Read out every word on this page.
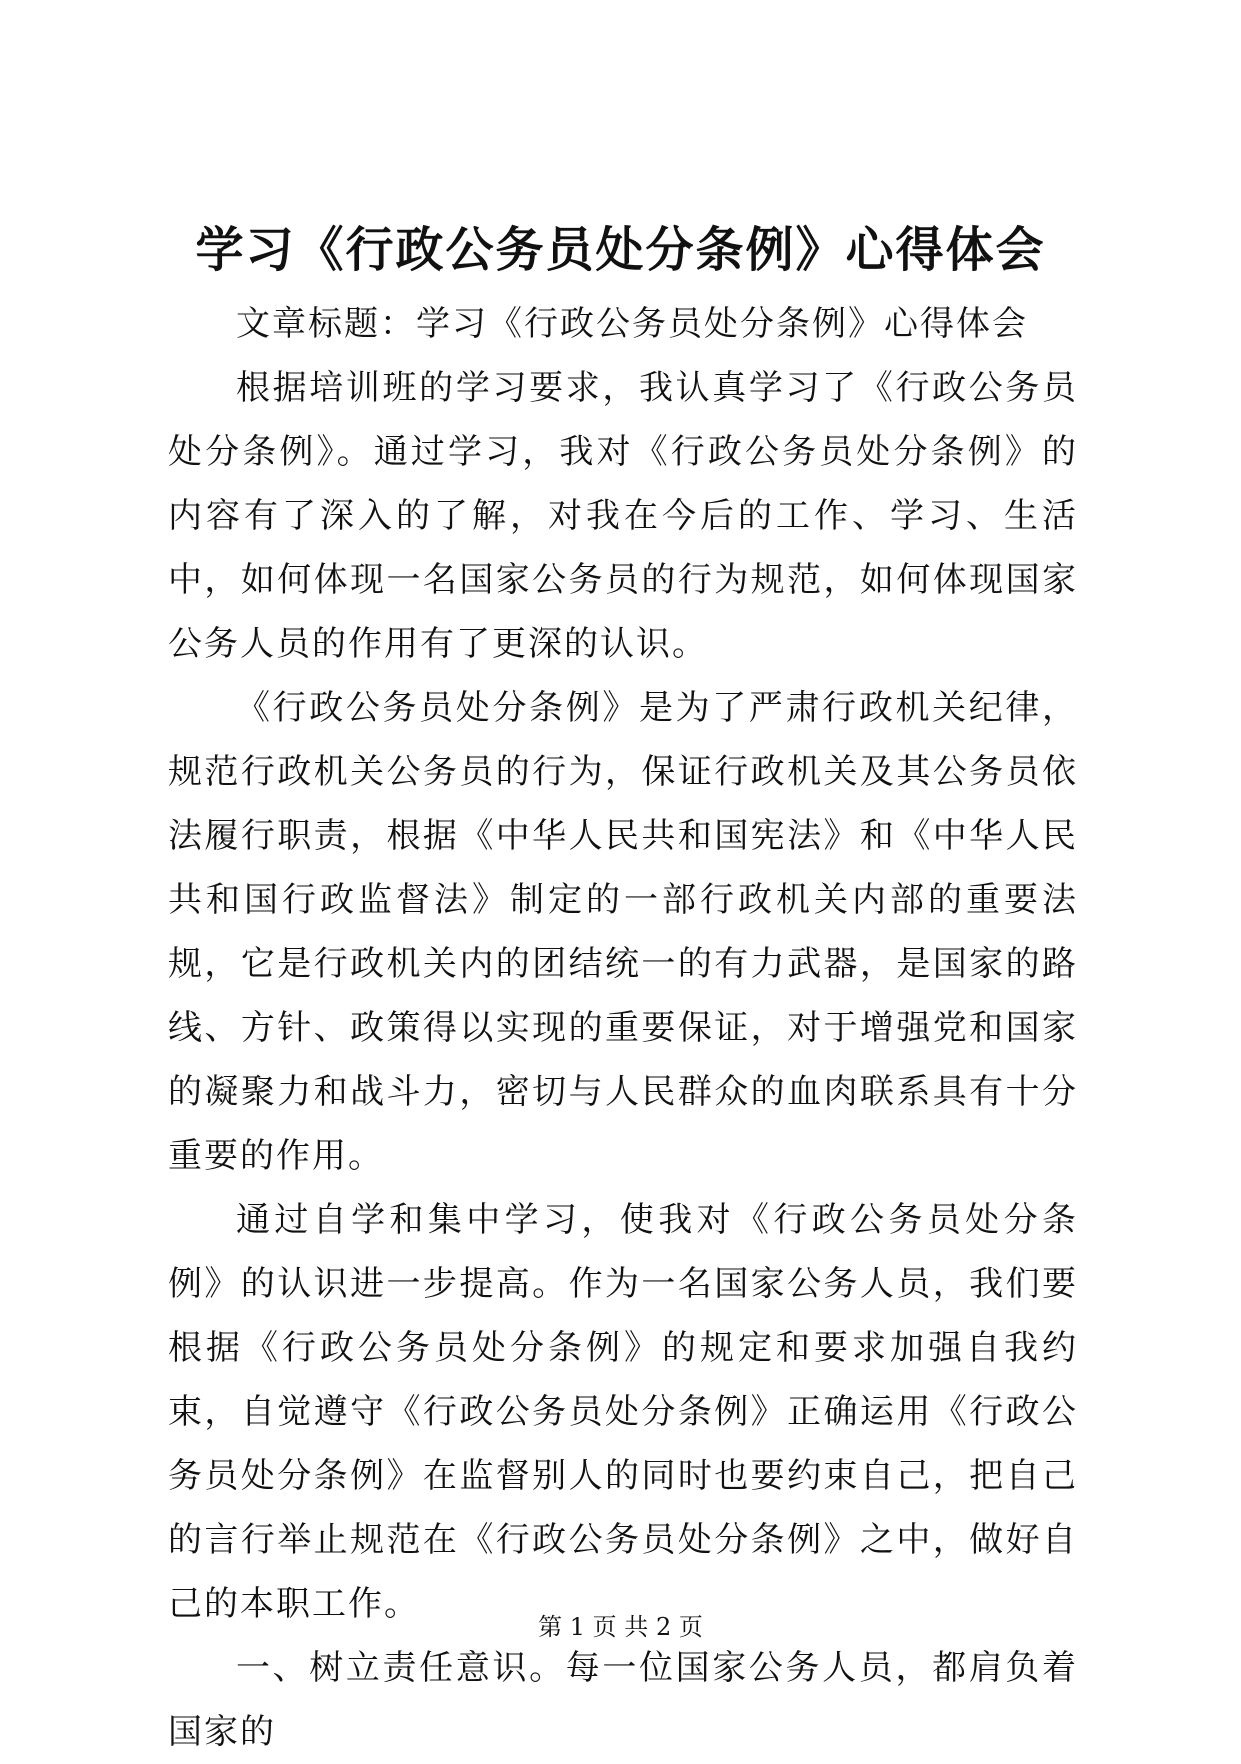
学习《行政公务员处分条例》心得体会

文章标题：学习《行政公务员处分条例》心得体会

根据培训班的学习要求，我认真学习了《行政公务员处分条例》。通过学习，我对《行政公务员处分条例》的内容有了深入的了解，对我在今后的工作、学习、生活中，如何体现一名国家公务员的行为规范，如何体现国家公务人员的作用有了更深的认识。

《行政公务员处分条例》是为了严肃行政机关纪律，规范行政机关公务员的行为，保证行政机关及其公务员依法履行职责，根据《中华人民共和国宪法》和《中华人民共和国行政监督法》制定的一部行政机关内部的重要法规，它是行政机关内的团结统一的有力武器，是国家的路线、方针、政策得以实现的重要保证，对于增强党和国家的凝聚力和战斗力，密切与人民群众的血肉联系具有十分重要的作用。

通过自学和集中学习，使我对《行政公务员处分条例》的认识进一步提高。作为一名国家公务人员，我们要根据《行政公务员处分条例》的规定和要求加强自我约束，自觉遵守《行政公务员处分条例》正确运用《行政公务员处分条例》在监督别人的同时也要约束自己，把自己的言行举止规范在《行政公务员处分条例》之中，做好自己的本职工作。

一、树立责任意识。每一位国家公务人员，都肩负着国家的

第 1 页 共 2 页
